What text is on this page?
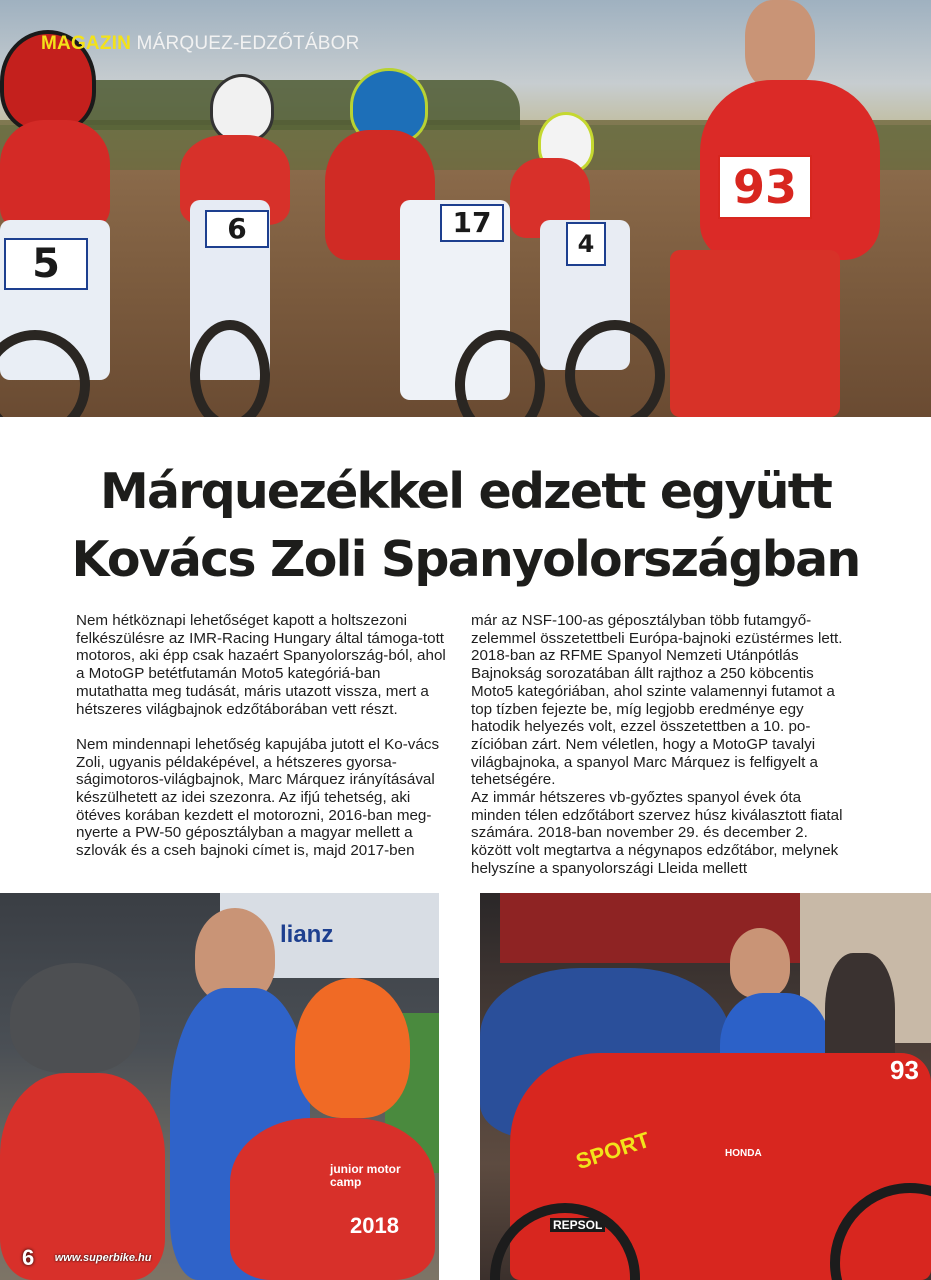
5
6	17
4
93
MAGAZIN MÁRQUEZ-EDZŐTÁBOR
Márquezékkel edzett együtt
Kovács Zoli Spanyolországban

Nem hétköznapi lehetőséget kapott a holtszezoni felkészülésre az IMR-Racing Hungary által támoga-tott motoros, aki épp csak hazaért Spanyolország-ból, ahol a MotoGP betétfutamán Moto5 kategóriá-ban mutathatta meg tudását, máris utazott vissza, mert a hétszeres világbajnok edzőtáborában vett részt.

Nem mindennapi lehetőség kapujába jutott el Ko-vács Zoli, ugyanis példaképével, a hétszeres gyorsa-ságimotoros-világbajnok, Marc Márquez irányításával készülhetett az idei szezonra. Az ifjú tehetség, aki ötéves korában kezdett el motorozni, 2016-ban meg-nyerte a PW-50 géposztályban a magyar mellett a szlovák és a cseh bajnoki címet is, majd 2017-ben

már az NSF-100-as géposztályban több futamgyő-zelemmel összetettbeli Európa-bajnoki ezüstérmes lett. 2018-ban az RFME Spanyol Nemzeti Utánpótlás Bajnokság sorozatában állt rajthoz a 250 köbcentis Moto5 kategóriában, ahol szinte valamennyi futamot a top tízben fejezte be, míg legjobb eredménye egy hatodik helyezés volt, ezzel összetettben a 10. po-zícióban zárt. Nem véletlen, hogy a MotoGP tavalyi világbajnoka, a spanyol Marc Márquez is felfigyelt a tehetségére.

Az immár hétszeres vb-győztes spanyol évek óta minden télen edzőtábort szervez húsz kiválasztott fiatal számára. 2018-ban november 29. és december 2. között volt megtartva a négynapos edzőtábor, melynek helyszíne a spanyolországi Lleida mellett

lianz
junior motor camp
2018
93
SPORT	HONDA
REPSOL
6 www.superbike.hu
